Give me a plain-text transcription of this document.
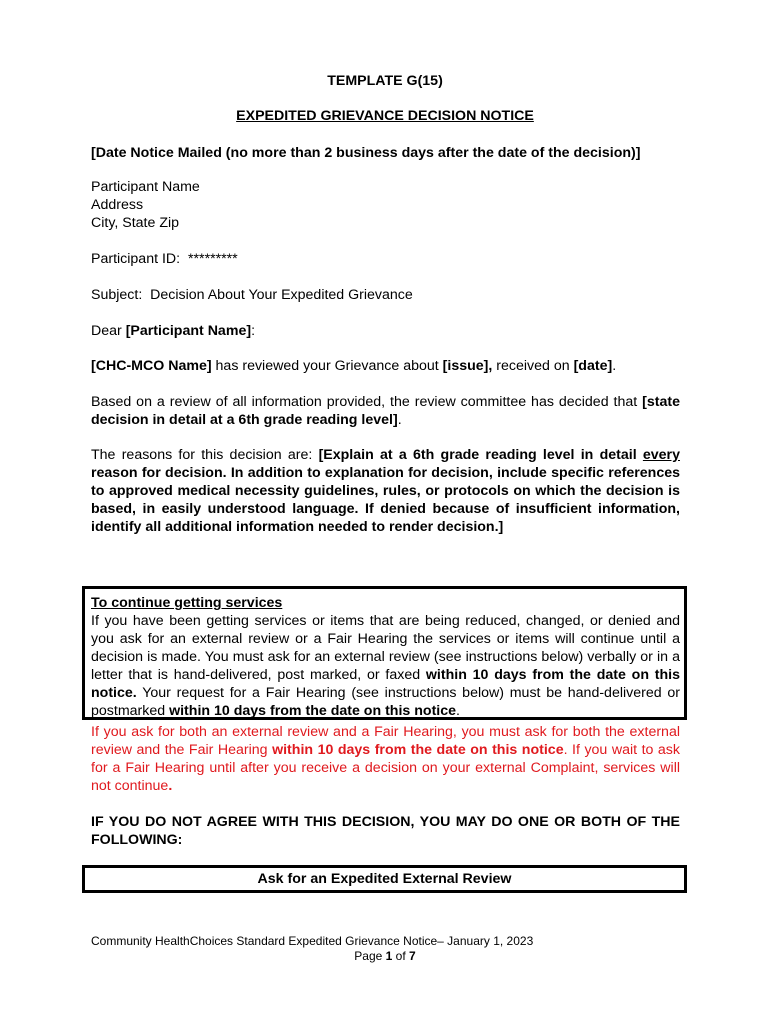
TEMPLATE G(15)
EXPEDITED GRIEVANCE DECISION NOTICE

[Date Notice Mailed (no more than 2 business days after the date of the decision)]

Participant Name
Address
City, State Zip

Participant ID: *********

Subject: Decision About Your Expedited Grievance

Dear [Participant Name]:

[CHC-MCO Name] has reviewed your Grievance about [issue], received on [date].

Based on a review of all information provided, the review committee has decided that [state decision in detail at a 6th grade reading level].

The reasons for this decision are: [Explain at a 6th grade reading level in detail every reason for decision. In addition to explanation for decision, include specific references to approved medical necessity guidelines, rules, or protocols on which the decision is based, in easily understood language. If denied because of insufficient information, identify all additional information needed to render decision.]

To continue getting services
If you have been getting services or items that are being reduced, changed, or denied and you ask for an external review or a Fair Hearing the services or items will continue until a decision is made. You must ask for an external review (see instructions below) verbally or in a letter that is hand-delivered, post marked, or faxed within 10 days from the date on this notice. Your request for a Fair Hearing (see instructions below) must be hand-delivered or postmarked within 10 days from the date on this notice.

If you ask for both an external review and a Fair Hearing, you must ask for both the external review and the Fair Hearing within 10 days from the date on this notice. If you wait to ask for a Fair Hearing until after you receive a decision on your external Complaint, services will not continue.

IF YOU DO NOT AGREE WITH THIS DECISION, YOU MAY DO ONE OR BOTH OF THE FOLLOWING:

Ask for an Expedited External Review
Community HealthChoices Standard Expedited Grievance Notice– January 1, 2023
Page 1 of 7
